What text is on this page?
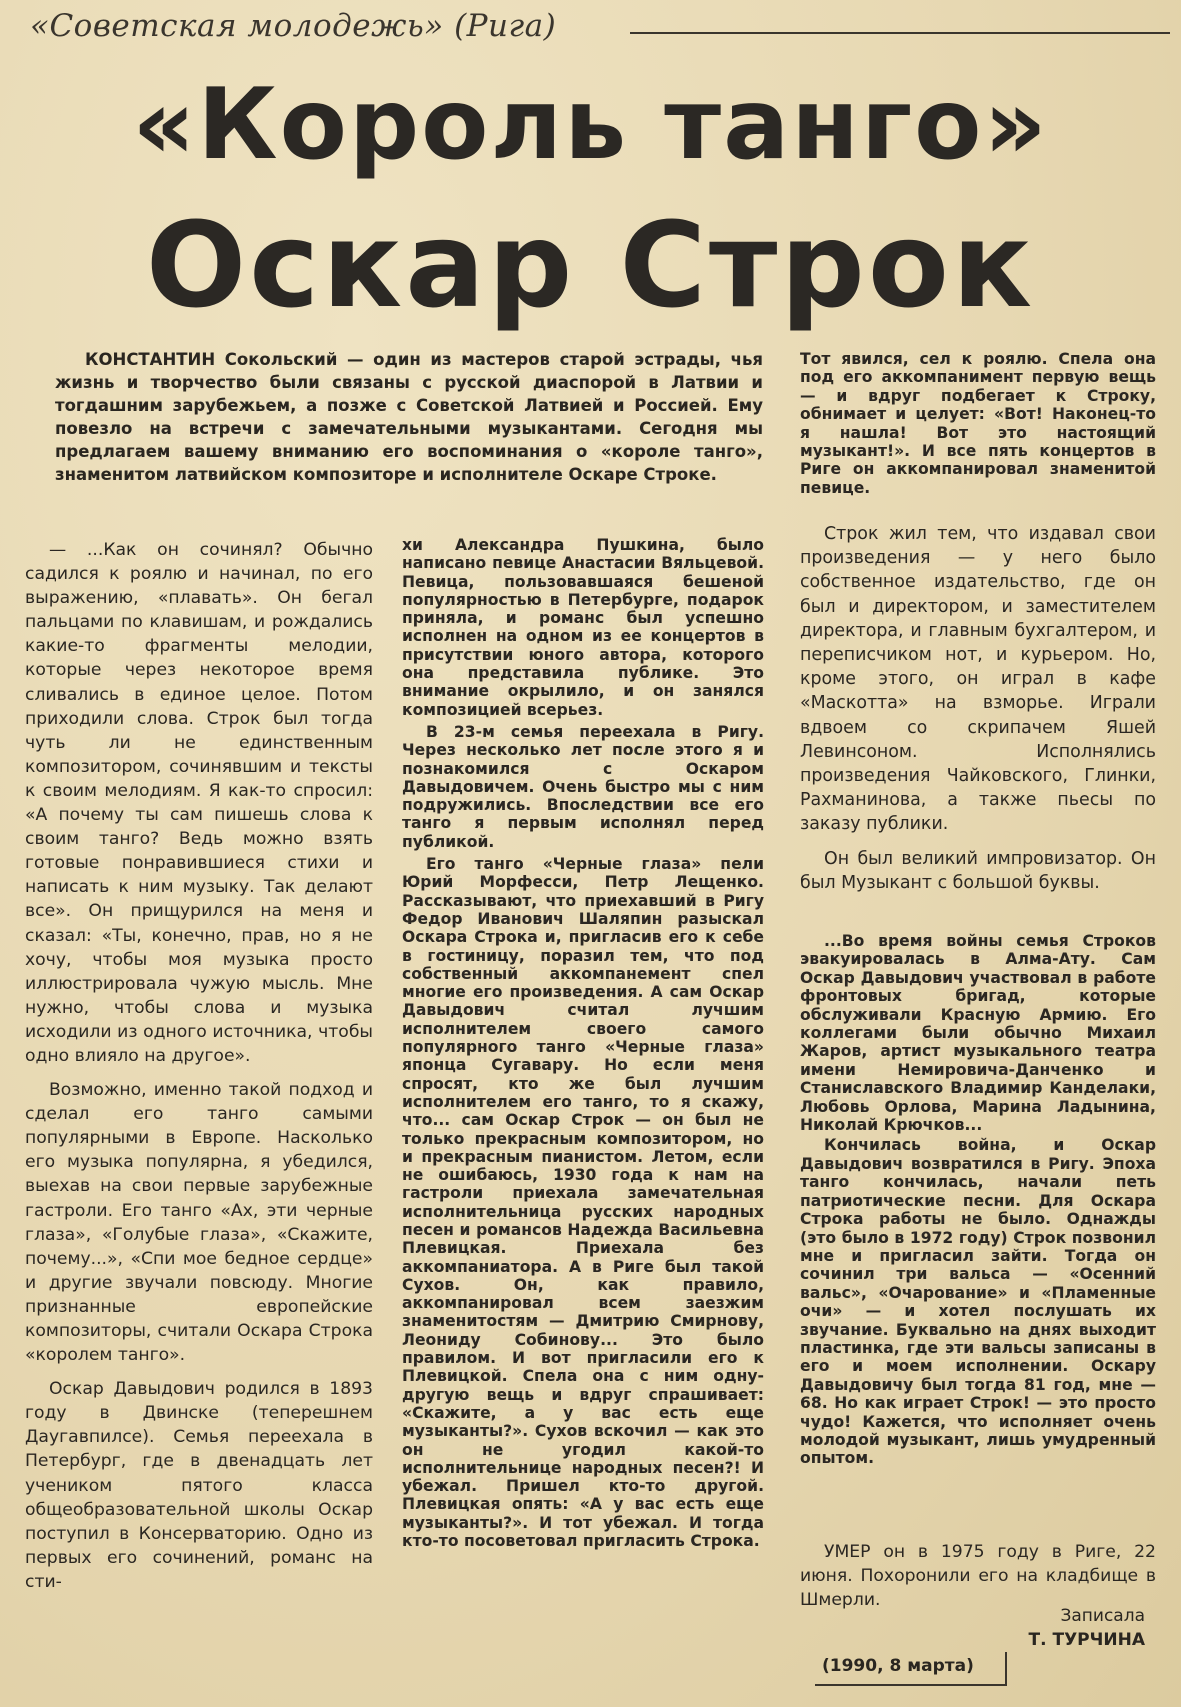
«Советская молодежь» (Рига)
«Король танго»
Оскар Строк

КОНСТАНТИН Сокольский — один из мастеров старой эстрады, чья жизнь и творчество были связаны с русской диаспорой в Латвии и тогдашним зарубежьем, а позже с Советской Латвией и Россией. Ему повезло на встречи с замечательными музыкантами. Сегодня мы предлагаем вашему вниманию его воспоминания о «короле танго», знаменитом латвийском композиторе и исполнителе Оскаре Строке.

— ...Как он сочинял? Обычно садился к роялю и начинал, по его выражению, «плавать». Он бегал пальцами по клавишам, и рождались какие-то фрагменты мелодии, которые через некоторое время сливались в единое целое. Потом приходили слова. Строк был тогда чуть ли не единственным композитором, сочинявшим и тексты к своим мелодиям. Я как-то спросил: «А почему ты сам пишешь слова к своим танго? Ведь можно взять готовые понравившиеся стихи и написать к ним музыку. Так делают все». Он прищурился на меня и сказал: «Ты, конечно, прав, но я не хочу, чтобы моя музыка просто иллюстрировала чужую мысль. Мне нужно, чтобы слова и музыка исходили из одного источника, чтобы одно влияло на другое».

Возможно, именно такой подход и сделал его танго самыми популярными в Европе. Насколько его музыка популярна, я убедился, выехав на свои первые зарубежные гастроли. Его танго «Ах, эти черные глаза», «Голубые глаза», «Скажите, почему...», «Спи мое бедное сердце» и другие звучали повсюду. Многие признанные европейские композиторы, считали Оскара Строка «королем танго».

Оскар Давыдович родился в 1893 году в Двинске (теперешнем Даугавпилсе). Семья переехала в Петербург, где в двенадцать лет учеником пятого класса общеобразовательной школы Оскар поступил в Консерваторию. Одно из первых его сочинений, романс на сти-

хи Александра Пушкина, было написано певице Анастасии Вяльцевой. Певица, пользовавшаяся бешеной популярностью в Петербурге, подарок приняла, и романс был успешно исполнен на одном из ее концертов в присутствии юного автора, которого она представила публике. Это внимание окрылило, и он занялся композицией всерьез.

В 23-м семья переехала в Ригу. Через несколько лет после этого я и познакомился с Оскаром Давыдовичем. Очень быстро мы с ним подружились. Впоследствии все его танго я первым исполнял перед публикой.

Его танго «Черные глаза» пели Юрий Морфесси, Петр Лещенко. Рассказывают, что приехавший в Ригу Федор Иванович Шаляпин разыскал Оскара Строка и, пригласив его к себе в гостиницу, поразил тем, что под собственный аккомпанемент спел многие его произведения. А сам Оскар Давыдович считал лучшим исполнителем своего самого популярного танго «Черные глаза» японца Сугавару. Но если меня спросят, кто же был лучшим исполнителем его танго, то я скажу, что... сам Оскар Строк — он был не только прекрасным композитором, но и прекрасным пианистом. Летом, если не ошибаюсь, 1930 года к нам на гастроли приехала замечательная исполнительница русских народных песен и романсов Надежда Васильевна Плевицкая. Приехала без аккомпаниатора. А в Риге был такой Сухов. Он, как правило, аккомпанировал всем заезжим знаменитостям — Дмитрию Смирнову, Леониду Собинову... Это было правилом. И вот пригласили его к Плевицкой. Спела она с ним одну-другую вещь и вдруг спрашивает: «Скажите, а у вас есть еще музыканты?». Сухов вскочил — как это он не угодил какой-то исполнительнице народных песен?! И убежал. Пришел кто-то другой. Плевицкая опять: «А у вас есть еще музыканты?». И тот убежал. И тогда кто-то посоветовал пригласить Строка.

Тот явился, сел к роялю. Спела она под его аккомпанимент первую вещь — и вдруг подбегает к Строку, обнимает и целует: «Вот! Наконец-то я нашла! Вот это настоящий музыкант!». И все пять концертов в Риге он аккомпанировал знаменитой певице.

Строк жил тем, что издавал свои произведения — у него было собственное издательство, где он был и директором, и заместителем директора, и главным бухгалтером, и переписчиком нот, и курьером. Но, кроме этого, он играл в кафе «Маскотта» на взморье. Играли вдвоем со скрипачем Яшей Левинсоном. Исполнялись произведения Чайковского, Глинки, Рахманинова, а также пьесы по заказу публики.

Он был великий импровизатор. Он был Музыкант с большой буквы.

...Во время войны семья Строков эвакуировалась в Алма-Ату. Сам Оскар Давыдович участвовал в работе фронтовых бригад, которые обслуживали Красную Армию. Его коллегами были обычно Михаил Жаров, артист музыкального театра имени Немировича-Данченко и Станиславского Владимир Канделаки, Любовь Орлова, Марина Ладынина, Николай Крючков...

Кончилась война, и Оскар Давыдович возвратился в Ригу. Эпоха танго кончилась, начали петь патриотические песни. Для Оскара Строка работы не было. Однажды (это было в 1972 году) Строк позвонил мне и пригласил зайти. Тогда он сочинил три вальса — «Осенний вальс», «Очарование» и «Пламенные очи» — и хотел послушать их звучание. Буквально на днях выходит пластинка, где эти вальсы записаны в его и моем исполнении. Оскару Давыдовичу был тогда 81 год, мне — 68. Но как играет Строк! — это просто чудо! Кажется, что исполняет очень молодой музыкант, лишь умудренный опытом.

УМЕР он в 1975 году в Риге, 22 июня. Похоронили его на кладбище в Шмерли.

Записала
Т. ТУРЧИНА
(1990, 8 марта)
